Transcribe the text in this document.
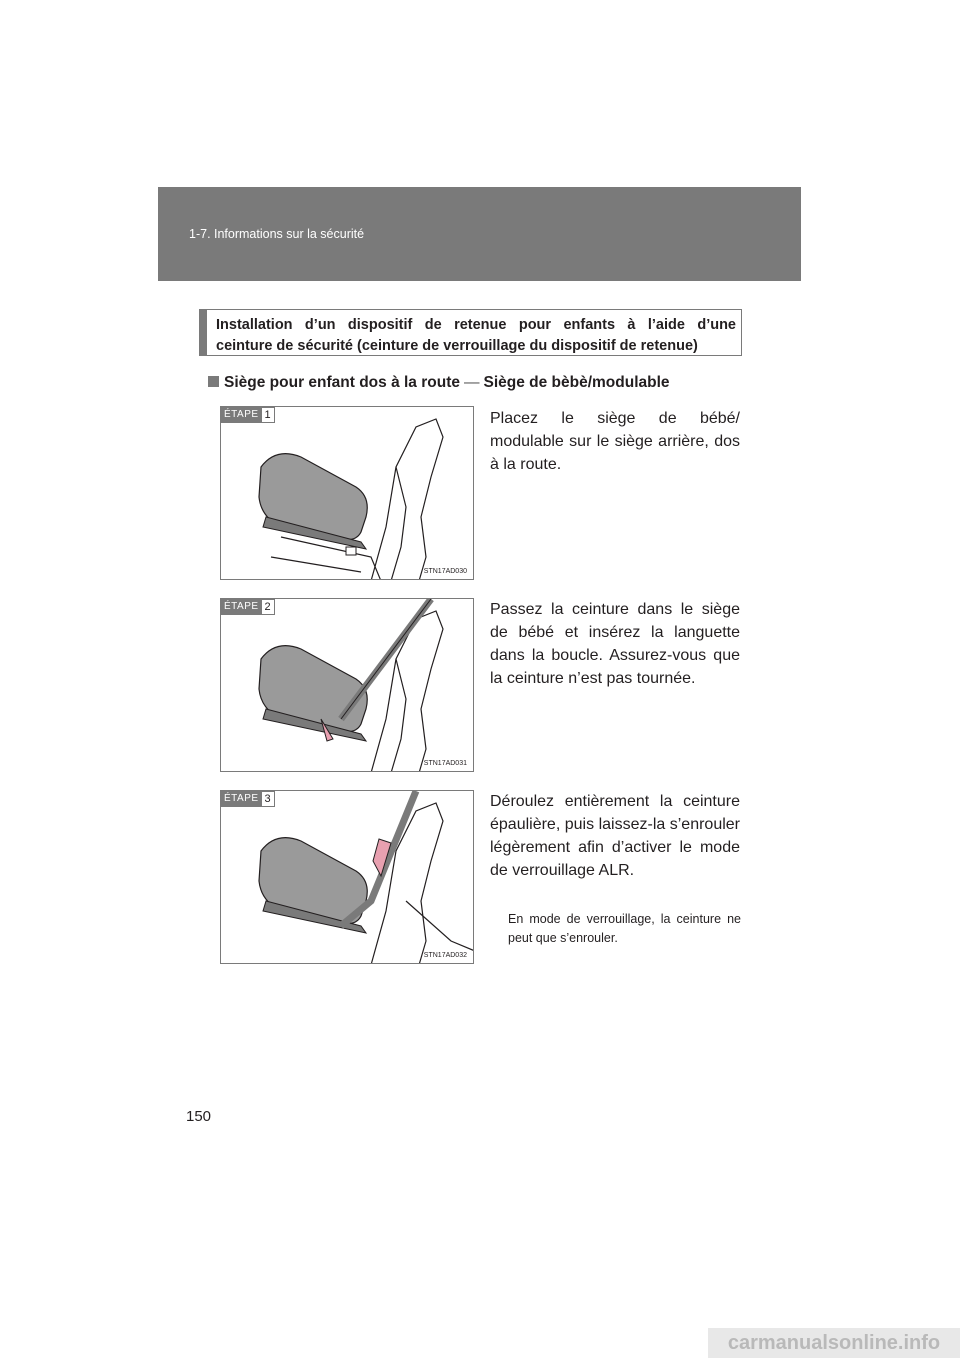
1-7. Informations sur la sécurité
Installation d’un dispositif de retenue pour enfants à l’aide d’une
ceinture de sécurité (ceinture de verrouillage du dispositif de retenue)
Siège pour enfant dos à la route — Siège de bèbè/modulable
ÉTAPE 1
STN17AD030
Placez le siège de bébé/ modulable sur le siège arrière, dos à la route.
ÉTAPE 2
STN17AD031
Passez la ceinture dans le siège de bébé et insérez la languette dans la boucle. Assurez-vous que la ceinture n’est pas tournée.
ÉTAPE 3
STN17AD032
Déroulez entièrement la ceinture épaulière, puis laissez-la s’enrouler légèrement afin d’activer le mode de verrouillage ALR.
En mode de verrouillage, la ceinture ne peut que s’enrouler.
150
carmanualsonline.info
